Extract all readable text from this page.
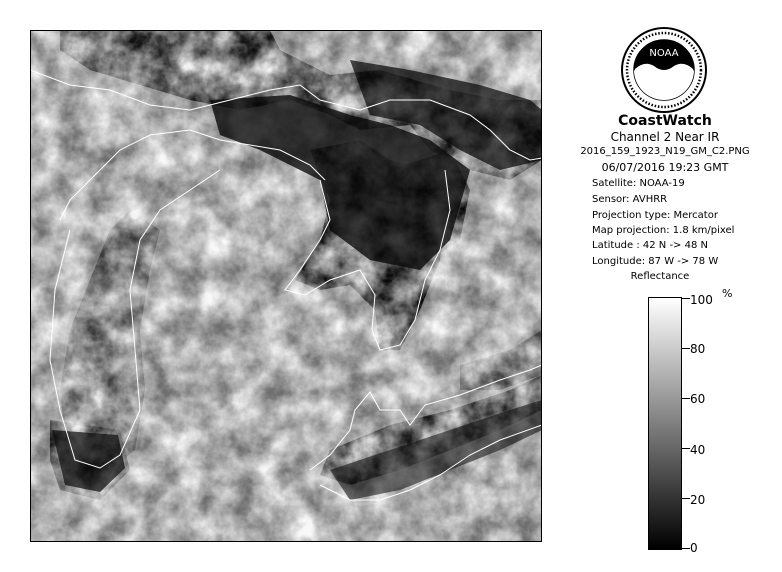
NOAA
CoastWatch
Channel 2 Near IR
2016_159_1923_N19_GM_C2.PNG
06/07/2016 19:23 GMT
Satellite: NOAA-19
Sensor: AVHRR
Projection type: Mercator
Map projection: 1.8 km/pixel
Latitude : 42 N -> 48 N
Longitude: 87 W -> 78 W
Reflectance
%
100
80
60
40
20
0
